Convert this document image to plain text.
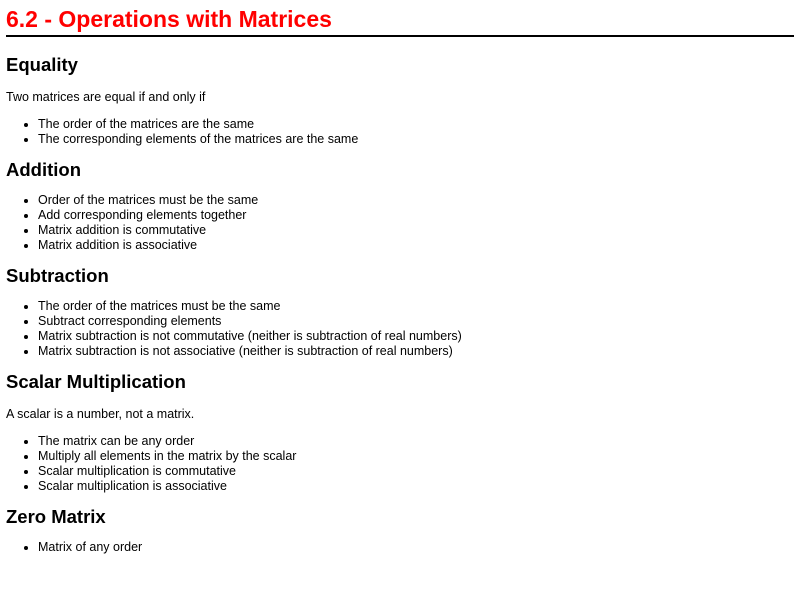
6.2 - Operations with Matrices
Equality

Two matrices are equal if and only if

• The order of the matrices are the same
• The corresponding elements of the matrices are the same
Addition
• Order of the matrices must be the same
• Add corresponding elements together
• Matrix addition is commutative
• Matrix addition is associative
Subtraction
• The order of the matrices must be the same
• Subtract corresponding elements
• Matrix subtraction is not commutative (neither is subtraction of real numbers)
• Matrix subtraction is not associative (neither is subtraction of real numbers)
Scalar Multiplication

A scalar is a number, not a matrix.

• The matrix can be any order
• Multiply all elements in the matrix by the scalar
• Scalar multiplication is commutative
• Scalar multiplication is associative
Zero Matrix
• Matrix of any order
